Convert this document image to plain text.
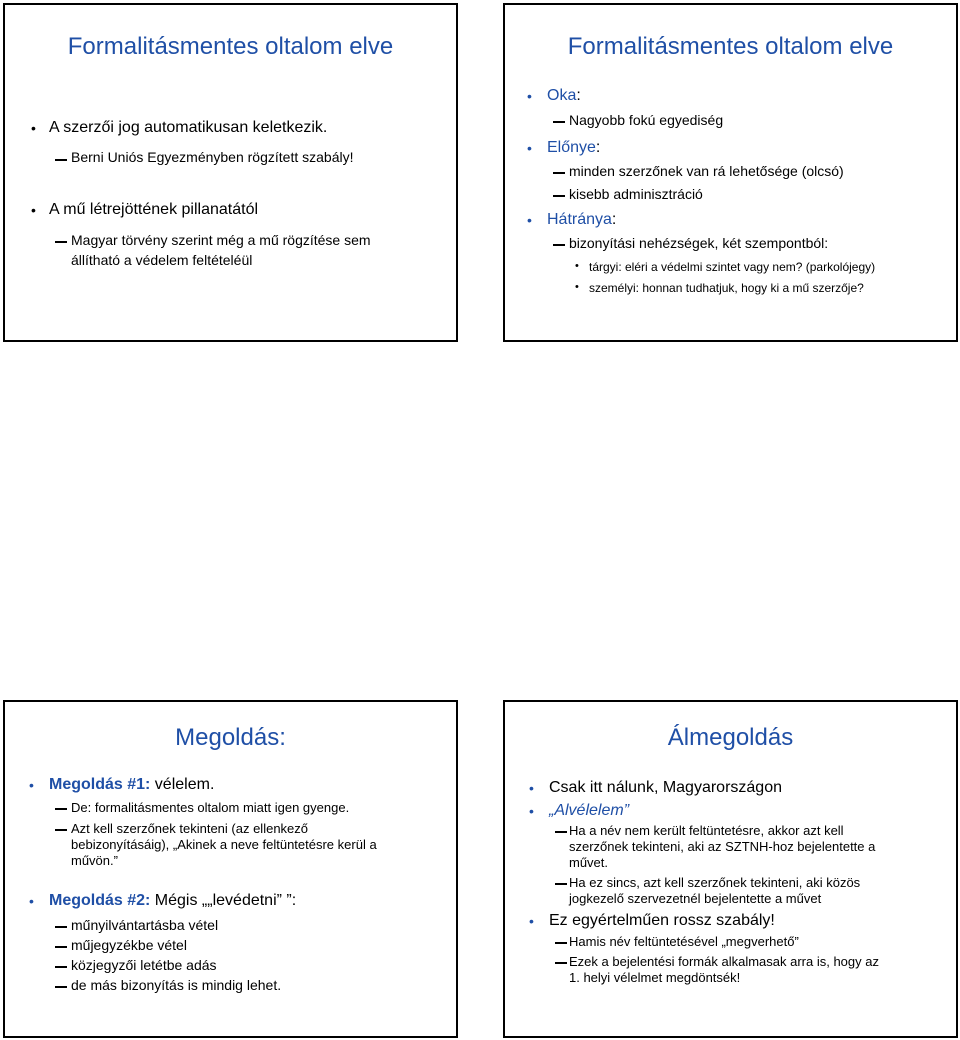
Formalitásmentes oltalom elve
• A szerzői jog automatikusan keletkezik.
Berni Uniós Egyezményben rögzített szabály!
• A mű létrejöttének pillanatától
Magyar törvény szerint még a mű rögzítése sem
állítható a védelem feltételéül
Formalitásmentes oltalom elve
• Oka:
Nagyobb fokú egyediség
• Előnye:
minden szerzőnek van rá lehetősége (olcsó)
kisebb adminisztráció
• Hátránya:
bizonyítási nehézségek, két szempontból:
• tárgyi: eléri a védelmi szintet vagy nem? (parkolójegy)
• személyi: honnan tudhatjuk, hogy ki a mű szerzője?
Megoldás:
• Megoldás #1: vélelem.
De: formalitásmentes oltalom miatt igen gyenge.
Azt kell szerzőnek tekinteni (az ellenkező
bebizonyításáig), „Akinek a neve feltüntetésre kerül a
művön.”
• Megoldás #2: Mégis „„levédetni” ”:
műnyilvántartásba vétel
műjegyzékbe vétel
közjegyzői letétbe adás
de más bizonyítás is mindig lehet.
Álmegoldás
• Csak itt nálunk, Magyarországon
• „Alvélelem”
Ha a név nem került feltüntetésre, akkor azt kell
szerzőnek tekinteni, aki az SZTNH-hoz bejelentette a
művet.
Ha ez sincs, azt kell szerzőnek tekinteni, aki közös
jogkezelő szervezetnél bejelentette a művet
• Ez egyértelműen rossz szabály!
Hamis név feltüntetésével „megverhető”
Ezek a bejelentési formák alkalmasak arra is, hogy az
1. helyi vélelmet megdöntsék!
